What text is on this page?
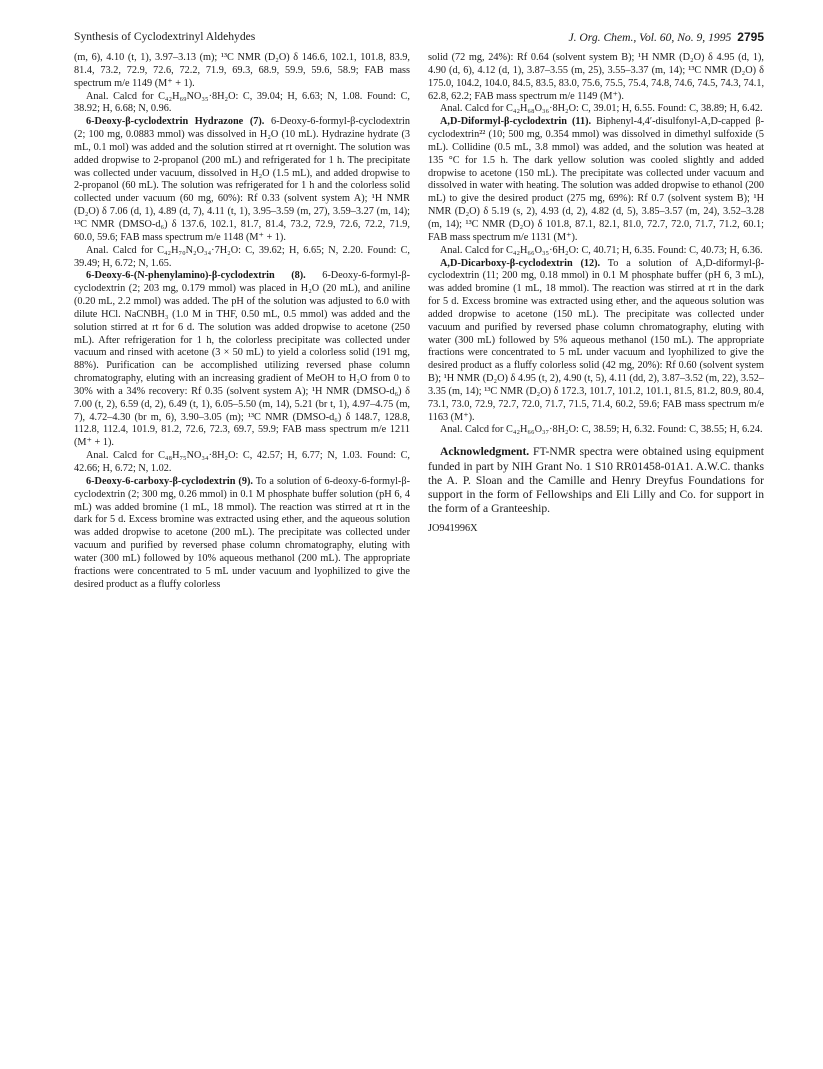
Synthesis of Cyclodextrinyl Aldehydes	J. Org. Chem., Vol. 60, No. 9, 1995 2795

(m, 6), 4.10 (t, 1), 3.97–3.13 (m); ¹³C NMR (D₂O) δ 146.6, 102.1, 101.8, 83.9, 81.4, 73.2, 72.9, 72.6, 72.2, 71.9, 69.3, 68.9, 59.9, 59.6, 58.9; FAB mass spectrum m/e 1149 (M⁺ + 1).

Anal. Calcd for C₄₂H₆₉NO₃₅·8H₂O: C, 39.04; H, 6.63; N, 1.08. Found: C, 38.92; H, 6.68; N, 0.96.

6-Deoxy-β-cyclodextrin Hydrazone (7). 6-Deoxy-6-formyl-β-cyclodextrin (2; 100 mg, 0.0883 mmol) was dissolved in H₂O (10 mL). Hydrazine hydrate (3 mL, 0.1 mol) was added and the solution stirred at rt overnight. The solution was added dropwise to 2-propanol (200 mL) and refrigerated for 1 h. The precipitate was collected under vacuum, dissolved in H₂O (1.5 mL), and added dropwise to 2-propanol (60 mL). The solution was refrigerated for 1 h and the colorless solid collected under vacuum (60 mg, 60%): Rf 0.33 (solvent system A); ¹H NMR (D₂O) δ 7.06 (d, 1), 4.89 (d, 7), 4.11 (t, 1), 3.95–3.59 (m, 27), 3.59–3.27 (m, 14); ¹³C NMR (DMSO-d₆) δ 137.6, 102.1, 81.7, 81.4, 73.2, 72.9, 72.6, 72.2, 71.9, 60.0, 59.6; FAB mass spectrum m/e 1148 (M⁺ + 1).

Anal. Calcd for C₄₂H₇₀N₂O₃₄·7H₂O: C, 39.62; H, 6.65; N, 2.20. Found: C, 39.49; H, 6.72; N, 1.65.

6-Deoxy-6-(N-phenylamino)-β-cyclodextrin (8). 6-Deoxy-6-formyl-β-cyclodextrin (2; 203 mg, 0.179 mmol) was placed in H₂O (20 mL), and aniline (0.20 mL, 2.2 mmol) was added. The pH of the solution was adjusted to 6.0 with dilute HCl. NaCNBH₃ (1.0 M in THF, 0.50 mL, 0.5 mmol) was added and the solution stirred at rt for 6 d. The solution was added dropwise to acetone (250 mL). After refrigeration for 1 h, the colorless precipitate was collected under vacuum and rinsed with acetone (3 × 50 mL) to yield a colorless solid (191 mg, 88%). Purification can be accomplished utilizing reversed phase column chromatography, eluting with an increasing gradient of MeOH to H₂O from 0 to 30% with a 34% recovery: Rf 0.35 (solvent system A); ¹H NMR (DMSO-d₆) δ 7.00 (t, 2), 6.59 (d, 2), 6.49 (t, 1), 6.05–5.50 (m, 14), 5.21 (br t, 1), 4.97–4.75 (m, 7), 4.72–4.30 (br m, 6), 3.90–3.05 (m); ¹³C NMR (DMSO-d₆) δ 148.7, 128.8, 112.8, 112.4, 101.9, 81.2, 72.6, 72.3, 69.7, 59.9; FAB mass spectrum m/e 1211 (M⁺ + 1).

Anal. Calcd for C₄₈H₇₅NO₃₄·8H₂O: C, 42.57; H, 6.77; N, 1.03. Found: C, 42.66; H, 6.72; N, 1.02.

6-Deoxy-6-carboxy-β-cyclodextrin (9). To a solution of 6-deoxy-6-formyl-β-cyclodextrin (2; 300 mg, 0.26 mmol) in 0.1 M phosphate buffer solution (pH 6, 4 mL) was added bromine (1 mL, 18 mmol). The reaction was stirred at rt in the dark for 5 d. Excess bromine was extracted using ether, and the aqueous solution was added dropwise to acetone (200 mL). The precipitate was collected under vacuum and purified by reversed phase column chromatography, eluting with water (300 mL) followed by 10% aqueous methanol (200 mL). The appropriate fractions were concentrated to 5 mL under vacuum and lyophilized to give the desired product as a fluffy colorless

solid (72 mg, 24%): Rf 0.64 (solvent system B); ¹H NMR (D₂O) δ 4.95 (d, 1), 4.90 (d, 6), 4.12 (d, 1), 3.87–3.55 (m, 25), 3.55–3.37 (m, 14); ¹³C NMR (D₂O) δ 175.0, 104.2, 104.0, 84.5, 83.5, 83.0, 75.6, 75.5, 75.4, 74.8, 74.6, 74.5, 74.3, 74.1, 62.8, 62.2; FAB mass spectrum m/e 1149 (M⁺).

Anal. Calcd for C₄₂H₆₈O₃₆·8H₂O: C, 39.01; H, 6.55. Found: C, 38.89; H, 6.42.

A,D-Diformyl-β-cyclodextrin (11). Biphenyl-4,4′-disulfonyl-A,D-capped β-cyclodextrin²² (10; 500 mg, 0.354 mmol) was dissolved in dimethyl sulfoxide (5 mL). Collidine (0.5 mL, 3.8 mmol) was added, and the solution was heated at 135 °C for 1.5 h. The dark yellow solution was cooled slightly and added dropwise to acetone (150 mL). The precipitate was collected under vacuum and dissolved in water with heating. The solution was added dropwise to ethanol (200 mL) to give the desired product (275 mg, 69%): Rf 0.7 (solvent system B); ¹H NMR (D₂O) δ 5.19 (s, 2), 4.93 (d, 2), 4.82 (d, 5), 3.85–3.57 (m, 24), 3.52–3.28 (m, 14); ¹³C NMR (D₂O) δ 101.8, 87.1, 82.1, 81.0, 72.7, 72.0, 71.7, 71.2, 60.1; FAB mass spectrum m/e 1131 (M⁺).

Anal. Calcd for C₄₂H₆₆O₃₅·6H₂O: C, 40.71; H, 6.35. Found: C, 40.73; H, 6.36.

A,D-Dicarboxy-β-cyclodextrin (12). To a solution of A,D-diformyl-β-cyclodextrin (11; 200 mg, 0.18 mmol) in 0.1 M phosphate buffer (pH 6, 3 mL), was added bromine (1 mL, 18 mmol). The reaction was stirred at rt in the dark for 5 d. Excess bromine was extracted using ether, and the aqueous solution was added dropwise to acetone (150 mL). The precipitate was collected under vacuum and purified by reversed phase column chromatography, eluting with water (300 mL) followed by 5% aqueous methanol (150 mL). The appropriate fractions were concentrated to 5 mL under vacuum and lyophilized to give the desired product as a fluffy colorless solid (42 mg, 20%): Rf 0.60 (solvent system B); ¹H NMR (D₂O) δ 4.95 (t, 2), 4.90 (t, 5), 4.11 (dd, 2), 3.87–3.52 (m, 22), 3.52–3.35 (m, 14); ¹³C NMR (D₂O) δ 172.3, 101.7, 101.2, 101.1, 81.5, 81.2, 80.9, 80.4, 73.1, 73.0, 72.9, 72.7, 72.0, 71.7, 71.5, 71.4, 60.2, 59.6; FAB mass spectrum m/e 1163 (M⁺).

Anal. Calcd for C₄₂H₆₆O₃₇·8H₂O: C, 38.59; H, 6.32. Found: C, 38.55; H, 6.24.

Acknowledgment. FT-NMR spectra were obtained using equipment funded in part by NIH Grant No. 1 S10 RR01458-01A1. A.W.C. thanks the A. P. Sloan and the Camille and Henry Dreyfus Foundations for support in the form of Fellowships and Eli Lilly and Co. for support in the form of a Granteeship.

JO941996X
